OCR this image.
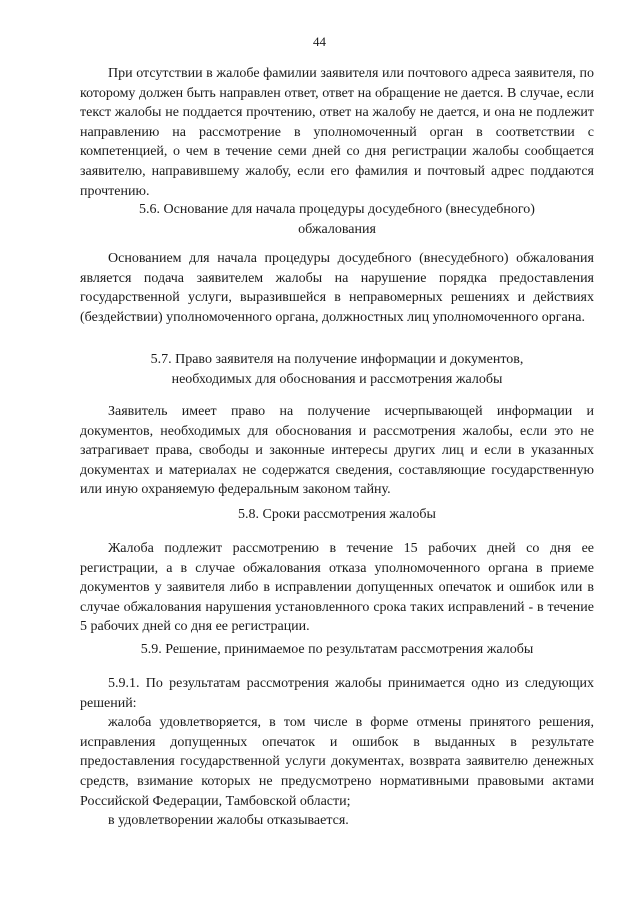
44

При отсутствии в жалобе фамилии заявителя или почтового адреса заявителя, по которому должен быть направлен ответ, ответ на обращение не дается. В случае, если текст жалобы не поддается прочтению, ответ на жалобу не дается, и она не подлежит направлению на рассмотрение в уполномоченный орган в соответствии с компетенцией, о чем в течение семи дней со дня регистрации жалобы сообщается заявителю, направившему жалобу, если его фамилия и почтовый адрес поддаются прочтению.

5.6. Основание для начала процедуры досудебного (внесудебного)
обжалования

Основанием для начала процедуры досудебного (внесудебного) обжалования является подача заявителем жалобы на нарушение порядка предоставления государственной услуги, выразившейся в неправомерных решениях и действиях (бездействии) уполномоченного органа, должностных лиц уполномоченного органа.

5.7. Право заявителя на получение информации и документов,
необходимых для обоснования и рассмотрения жалобы

Заявитель имеет право на получение исчерпывающей информации и документов, необходимых для обоснования и рассмотрения жалобы, если это не затрагивает права, свободы и законные интересы других лиц и если в указанных документах и материалах не содержатся сведения, составляющие государственную или иную охраняемую федеральным законом тайну.

5.8. Сроки рассмотрения жалобы

Жалоба подлежит рассмотрению в течение 15 рабочих дней со дня ее регистрации, а в случае обжалования отказа уполномоченного органа в приеме документов у заявителя либо в исправлении допущенных опечаток и ошибок или в случае обжалования нарушения установленного срока таких исправлений - в течение 5 рабочих дней со дня ее регистрации.

5.9. Решение, принимаемое по результатам рассмотрения жалобы

5.9.1. По результатам рассмотрения жалобы принимается одно из следующих решений:

жалоба удовлетворяется, в том числе в форме отмены принятого решения, исправления допущенных опечаток и ошибок в выданных в результате предоставления государственной услуги документах, возврата заявителю денежных средств, взимание которых не предусмотрено нормативными правовыми актами Российской Федерации, Тамбовской области;

в удовлетворении жалобы отказывается.
